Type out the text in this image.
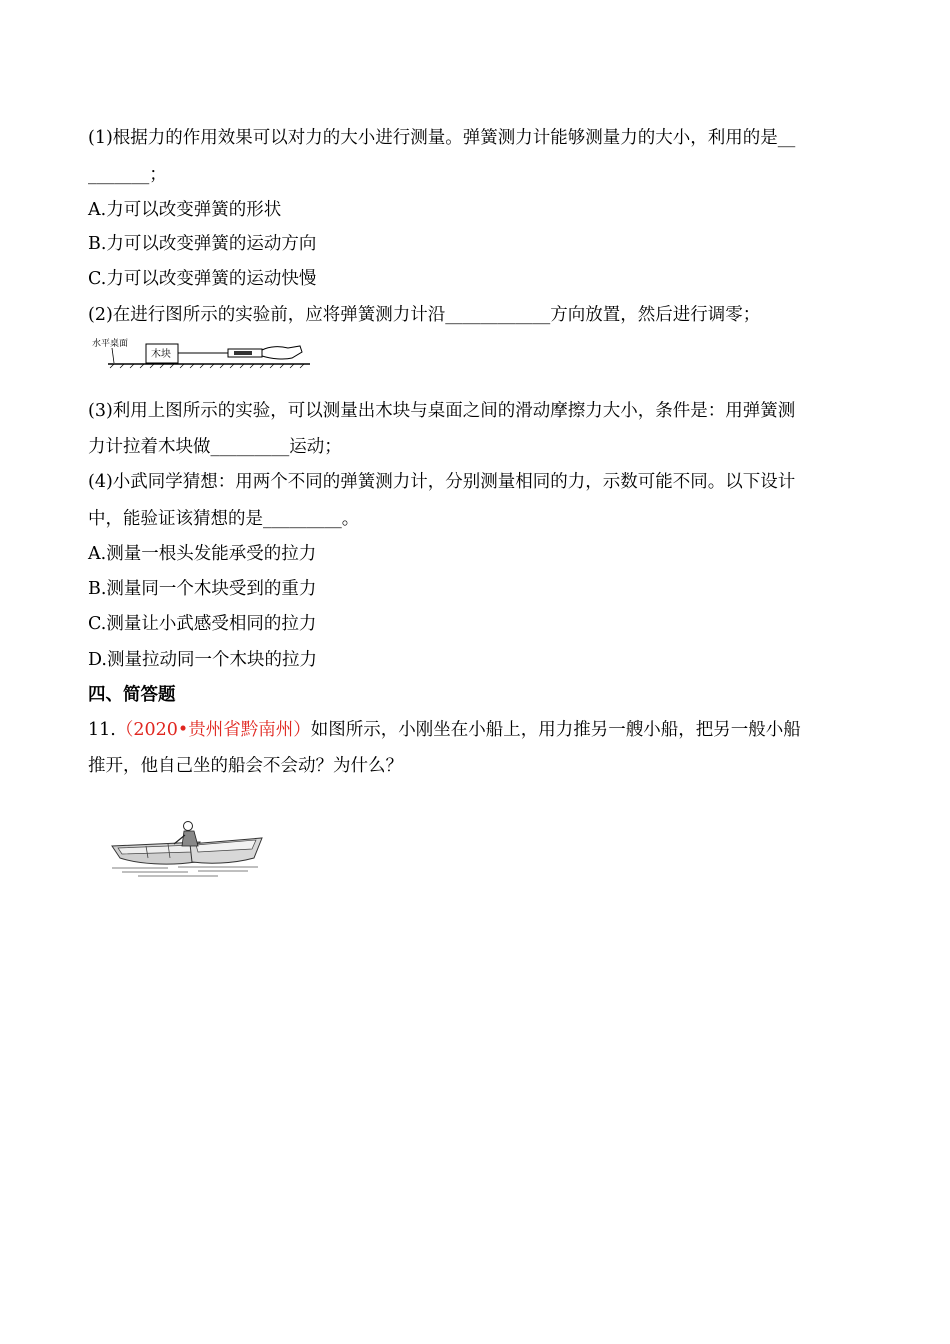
(1)根据力的作用效果可以对力的大小进行测量。弹簧测力计能够测量力的大小，利用的是__
_______；
A.力可以改变弹簧的形状
B.力可以改变弹簧的运动方向
C.力可以改变弹簧的运动快慢
(2)在进行图所示的实验前，应将弹簧测力计沿____________方向放置，然后进行调零；
水平桌面
木块
(3)利用上图所示的实验，可以测量出木块与桌面之间的滑动摩擦力大小，条件是：用弹簧测
力计拉着木块做_________运动；
(4)小武同学猜想：用两个不同的弹簧测力计，分别测量相同的力，示数可能不同。以下设计
中，能验证该猜想的是_________。
A.测量一根头发能承受的拉力
B.测量同一个木块受到的重力
C.测量让小武感受相同的拉力
D.测量拉动同一个木块的拉力
四、简答题
11.（2020•贵州省黔南州）如图所示，小刚坐在小船上，用力推另一艘小船，把另一般小船
推开，他自己坐的船会不会动？为什么？
